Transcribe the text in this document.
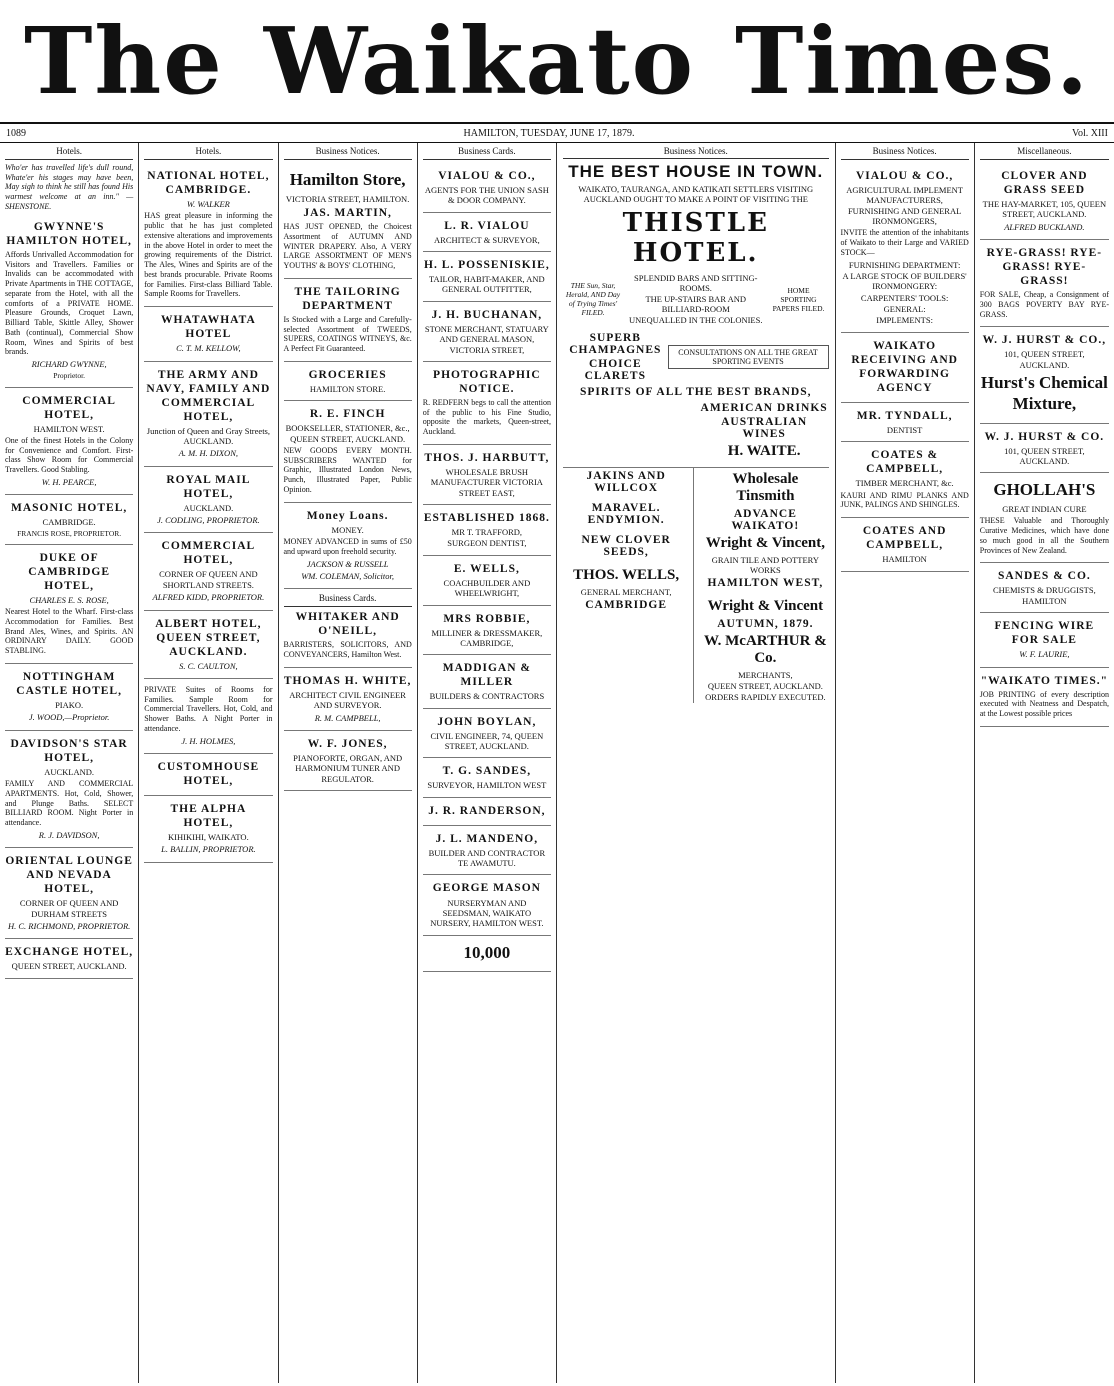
The Waikato Times.
1089	HAMILTON, TUESDAY, JUNE 17, 1879.	Vol. XIII
Hotels.
Who'er has travelled life's dull round, Whate'er his stages may have been, May sigh to think he still has found His warmest welcome at an inn." —SHENSTONE.
GWYNNE'S HAMILTON HOTEL,
Affords Unrivalled Accommodation for Visitors and Travellers. Families or Invalids can be accommodated with Private Apartments in THE COTTAGE, separate from the Hotel, with all the comforts of a PRIVATE HOME. Pleasure Grounds, Croquet Lawn, Billiard Table, Skittle Alley, Shower Bath (continual), Commercial Show Room, Wines and Spirits of best brands.
RICHARD GWYNNE,
Proprietor.
COMMERCIAL HOTEL,
HAMILTON WEST.
One of the finest Hotels in the Colony for Convenience and Comfort. First-class Show Room for Commercial Travellers. Good Stabling.
W. H. PEARCE,
MASONIC HOTEL,
CAMBRIDGE.
FRANCIS ROSE, PROPRIETOR.
DUKE OF CAMBRIDGE HOTEL,
CHARLES E. S. ROSE,
Nearest Hotel to the Wharf. First-class Accommodation for Families. Best Brand Ales, Wines, and Spirits. AN ORDINARY DAILY. GOOD STABLING.
NOTTINGHAM CASTLE HOTEL,
PIAKO.
J. WOOD,—Proprietor.
DAVIDSON'S STAR HOTEL,
AUCKLAND.
FAMILY AND COMMERCIAL APARTMENTS. Hot, Cold, Shower, and Plunge Baths. SELECT BILLIARD ROOM. Night Porter in attendance.
R. J. DAVIDSON,
ORIENTAL LOUNGE AND NEVADA HOTEL,
CORNER OF QUEEN AND DURHAM STREETS
H. C. RICHMOND, PROPRIETOR.
EXCHANGE HOTEL,
QUEEN STREET, AUCKLAND.
Hotels.
NATIONAL HOTEL, CAMBRIDGE.
W. WALKER
HAS great pleasure in informing the public that he has just completed extensive alterations and improvements in the above Hotel in order to meet the growing requirements of the District. The Ales, Wines and Spirits are of the best brands procurable. Private Rooms for Families. First-class Billiard Table. Sample Rooms for Travellers.
WHATAWHATA HOTEL
C. T. M. KELLOW,
THE ARMY AND NAVY, FAMILY AND COMMERCIAL HOTEL,
Junction of Queen and Gray Streets, AUCKLAND.
A. M. H. DIXON,
ROYAL MAIL HOTEL,
AUCKLAND.
J. CODLING, PROPRIETOR.
COMMERCIAL HOTEL,
CORNER OF QUEEN AND SHORTLAND STREETS.
ALFRED KIDD, PROPRIETOR.
ALBERT HOTEL, QUEEN STREET, AUCKLAND.
S. C. CAULTON,
PRIVATE Suites of Rooms for Families. Sample Room for Commercial Travellers. Hot, Cold, and Shower Baths. A Night Porter in attendance.
J. H. HOLMES,
CUSTOMHOUSE HOTEL,
THE ALPHA HOTEL,
KIHIKIHI, WAIKATO.
L. BALLIN, PROPRIETOR.
Business Notices.
Hamilton Store,
VICTORIA STREET, HAMILTON.
JAS. MARTIN,
HAS JUST OPENED, the Choicest Assortment of AUTUMN AND WINTER DRAPERY. Also, A VERY LARGE ASSORTMENT OF MEN'S YOUTHS' & BOYS' CLOTHING,
THE TAILORING DEPARTMENT
Is Stocked with a Large and Carefully-selected Assortment of TWEEDS, SUPERS, COATINGS WITNEYS, &c. A Perfect Fit Guaranteed.
GROCERIES
HAMILTON STORE.
R. E. FINCH
BOOKSELLER, STATIONER, &c., QUEEN STREET, AUCKLAND.
NEW GOODS EVERY MONTH. SUBSCRIBERS WANTED for Graphic, Illustrated London News, Punch, Illustrated Paper, Public Opinion.
Money Loans.
MONEY.
MONEY ADVANCED in sums of £50 and upward upon freehold security.
JACKSON & RUSSELL
WM. COLEMAN, Solicitor,
Business Cards.
WHITAKER AND O'NEILL,
BARRISTERS, SOLICITORS, AND CONVEYANCERS, Hamilton West.
THOMAS H. WHITE,
ARCHITECT CIVIL ENGINEER AND SURVEYOR.
R. M. CAMPBELL,
W. F. JONES,
PIANOFORTE, ORGAN, AND HARMONIUM TUNER AND REGULATOR.
Business Cards.
VIALOU & CO.,
AGENTS FOR THE UNION SASH & DOOR COMPANY.
L. R. VIALOU
ARCHITECT & SURVEYOR,
H. L. POSSENISKIE,
TAILOR, HABIT-MAKER, AND GENERAL OUTFITTER,
J. H. BUCHANAN,
STONE MERCHANT, STATUARY AND GENERAL MASON, VICTORIA STREET,
PHOTOGRAPHIC NOTICE.
R. REDFERN begs to call the attention of the public to his Fine Studio, opposite the markets, Queen-street, Auckland.
THOS. J. HARBUTT,
WHOLESALE BRUSH MANUFACTURER VICTORIA STREET EAST,
ESTABLISHED 1868.
MR T. TRAFFORD,
SURGEON DENTIST,
E. WELLS,
COACHBUILDER AND WHEELWRIGHT,
MRS ROBBIE,
MILLINER & DRESSMAKER, CAMBRIDGE,
MADDIGAN & MILLER
BUILDERS & CONTRACTORS
JOHN BOYLAN,
CIVIL ENGINEER, 74, QUEEN STREET, AUCKLAND.
T. G. SANDES,
SURVEYOR, HAMILTON WEST
J. R. RANDERSON,
J. L. MANDENO,
BUILDER AND CONTRACTOR TE AWAMUTU.
GEORGE MASON
NURSERYMAN AND SEEDSMAN, WAIKATO NURSERY, HAMILTON WEST.
10,000
Business Notices.
THE BEST HOUSE IN TOWN.
WAIKATO, TAURANGA, AND KATIKATI SETTLERS VISITING AUCKLAND OUGHT TO MAKE A POINT OF VISITING THE
THISTLE HOTEL.
THE Sun, Star, Herald, AND Day of Trying Times' FILED.
SPLENDID BARS AND SITTING-ROOMS.
THE UP-STAIRS BAR AND BILLIARD-ROOM
UNEQUALLED IN THE COLONIES.
HOME SPORTING PAPERS FILED.
SUPERB CHAMPAGNES
CHOICE CLARETS
CONSULTATIONS ON ALL THE GREAT SPORTING EVENTS
SPIRITS OF ALL THE BEST BRANDS,
AMERICAN DRINKS
AUSTRALIAN WINES
H. WAITE.
JAKINS AND WILLCOX
MARAVEL. ENDYMION.
NEW CLOVER SEEDS,
THOS. WELLS,
GENERAL MERCHANT,
CAMBRIDGE
Wholesale Tinsmith
ADVANCE WAIKATO!
Wright & Vincent,
GRAIN TILE AND POTTERY WORKS
HAMILTON WEST,
Wright & Vincent
AUTUMN, 1879.
W. McARTHUR & Co.
MERCHANTS,
QUEEN STREET, AUCKLAND.
ORDERS RAPIDLY EXECUTED.
Business Notices.
VIALOU & CO.,
AGRICULTURAL IMPLEMENT MANUFACTURERS, FURNISHING AND GENERAL IRONMONGERS,
INVITE the attention of the inhabitants of Waikato to their Large and VARIED STOCK—
FURNISHING DEPARTMENT:
A LARGE STOCK OF BUILDERS' IRONMONGERY:
CARPENTERS' TOOLS:
GENERAL:
IMPLEMENTS:
WAIKATO RECEIVING AND FORWARDING AGENCY
MR. TYNDALL,
DENTIST
COATES & CAMPBELL,
TIMBER MERCHANT, &c.
KAURI AND RIMU PLANKS AND JUNK, PALINGS AND SHINGLES.
COATES AND CAMPBELL,
HAMILTON
Miscellaneous.
CLOVER AND GRASS SEED
THE HAY-MARKET, 105, QUEEN STREET, AUCKLAND.
ALFRED BUCKLAND.
RYE-GRASS! RYE-GRASS! RYE-GRASS!
FOR SALE, Cheap, a Consignment of 300 BAGS POVERTY BAY RYE-GRASS.
W. J. HURST & CO.,
101, QUEEN STREET, AUCKLAND.
Hurst's Chemical Mixture,
W. J. HURST & CO.
101, QUEEN STREET, AUCKLAND.
GHOLLAH'S
GREAT INDIAN CURE
THESE Valuable and Thoroughly Curative Medicines, which have done so much good in all the Southern Provinces of New Zealand.
SANDES & CO.
CHEMISTS & DRUGGISTS, HAMILTON
FENCING WIRE FOR SALE
W. F. LAURIE,
"WAIKATO TIMES."
JOB PRINTING of every description executed with Neatness and Despatch, at the Lowest possible prices
